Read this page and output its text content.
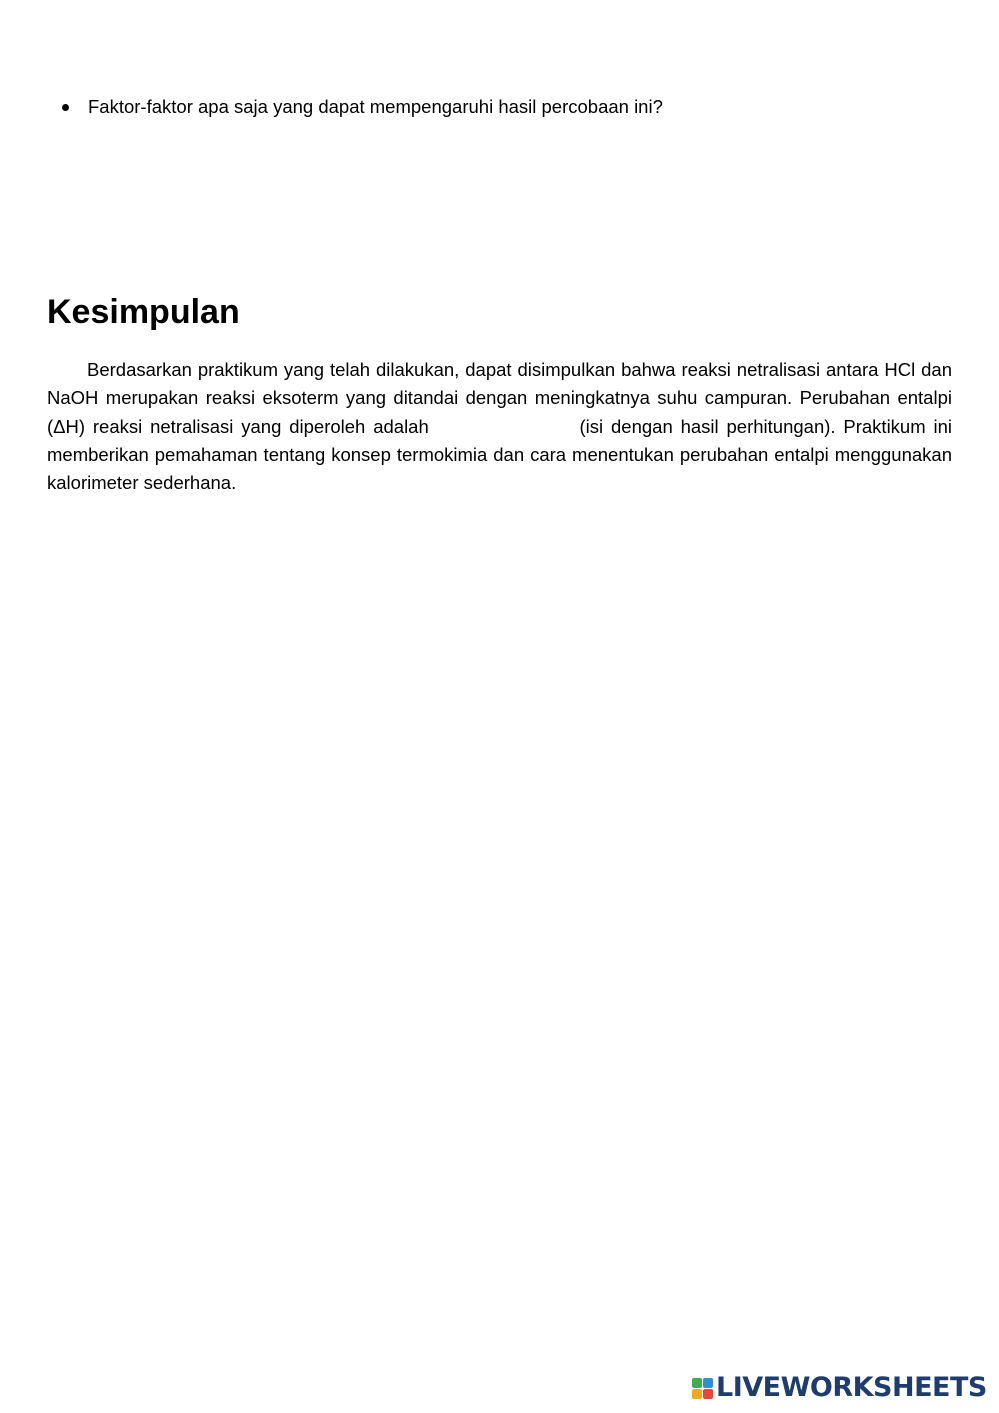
Faktor-faktor apa saja yang dapat mempengaruhi hasil percobaan ini?
Kesimpulan

Berdasarkan praktikum yang telah dilakukan, dapat disimpulkan bahwa reaksi netralisasi antara HCl dan NaOH merupakan reaksi eksoterm yang ditandai dengan meningkatnya suhu campuran. Perubahan entalpi (ΔH) reaksi netralisasi yang diperoleh adalah	(isi dengan hasil perhitungan). Praktikum ini memberikan pemahaman tentang konsep termokimia dan cara menentukan perubahan entalpi menggunakan kalorimeter sederhana.

LIVEWORKSHEETS
